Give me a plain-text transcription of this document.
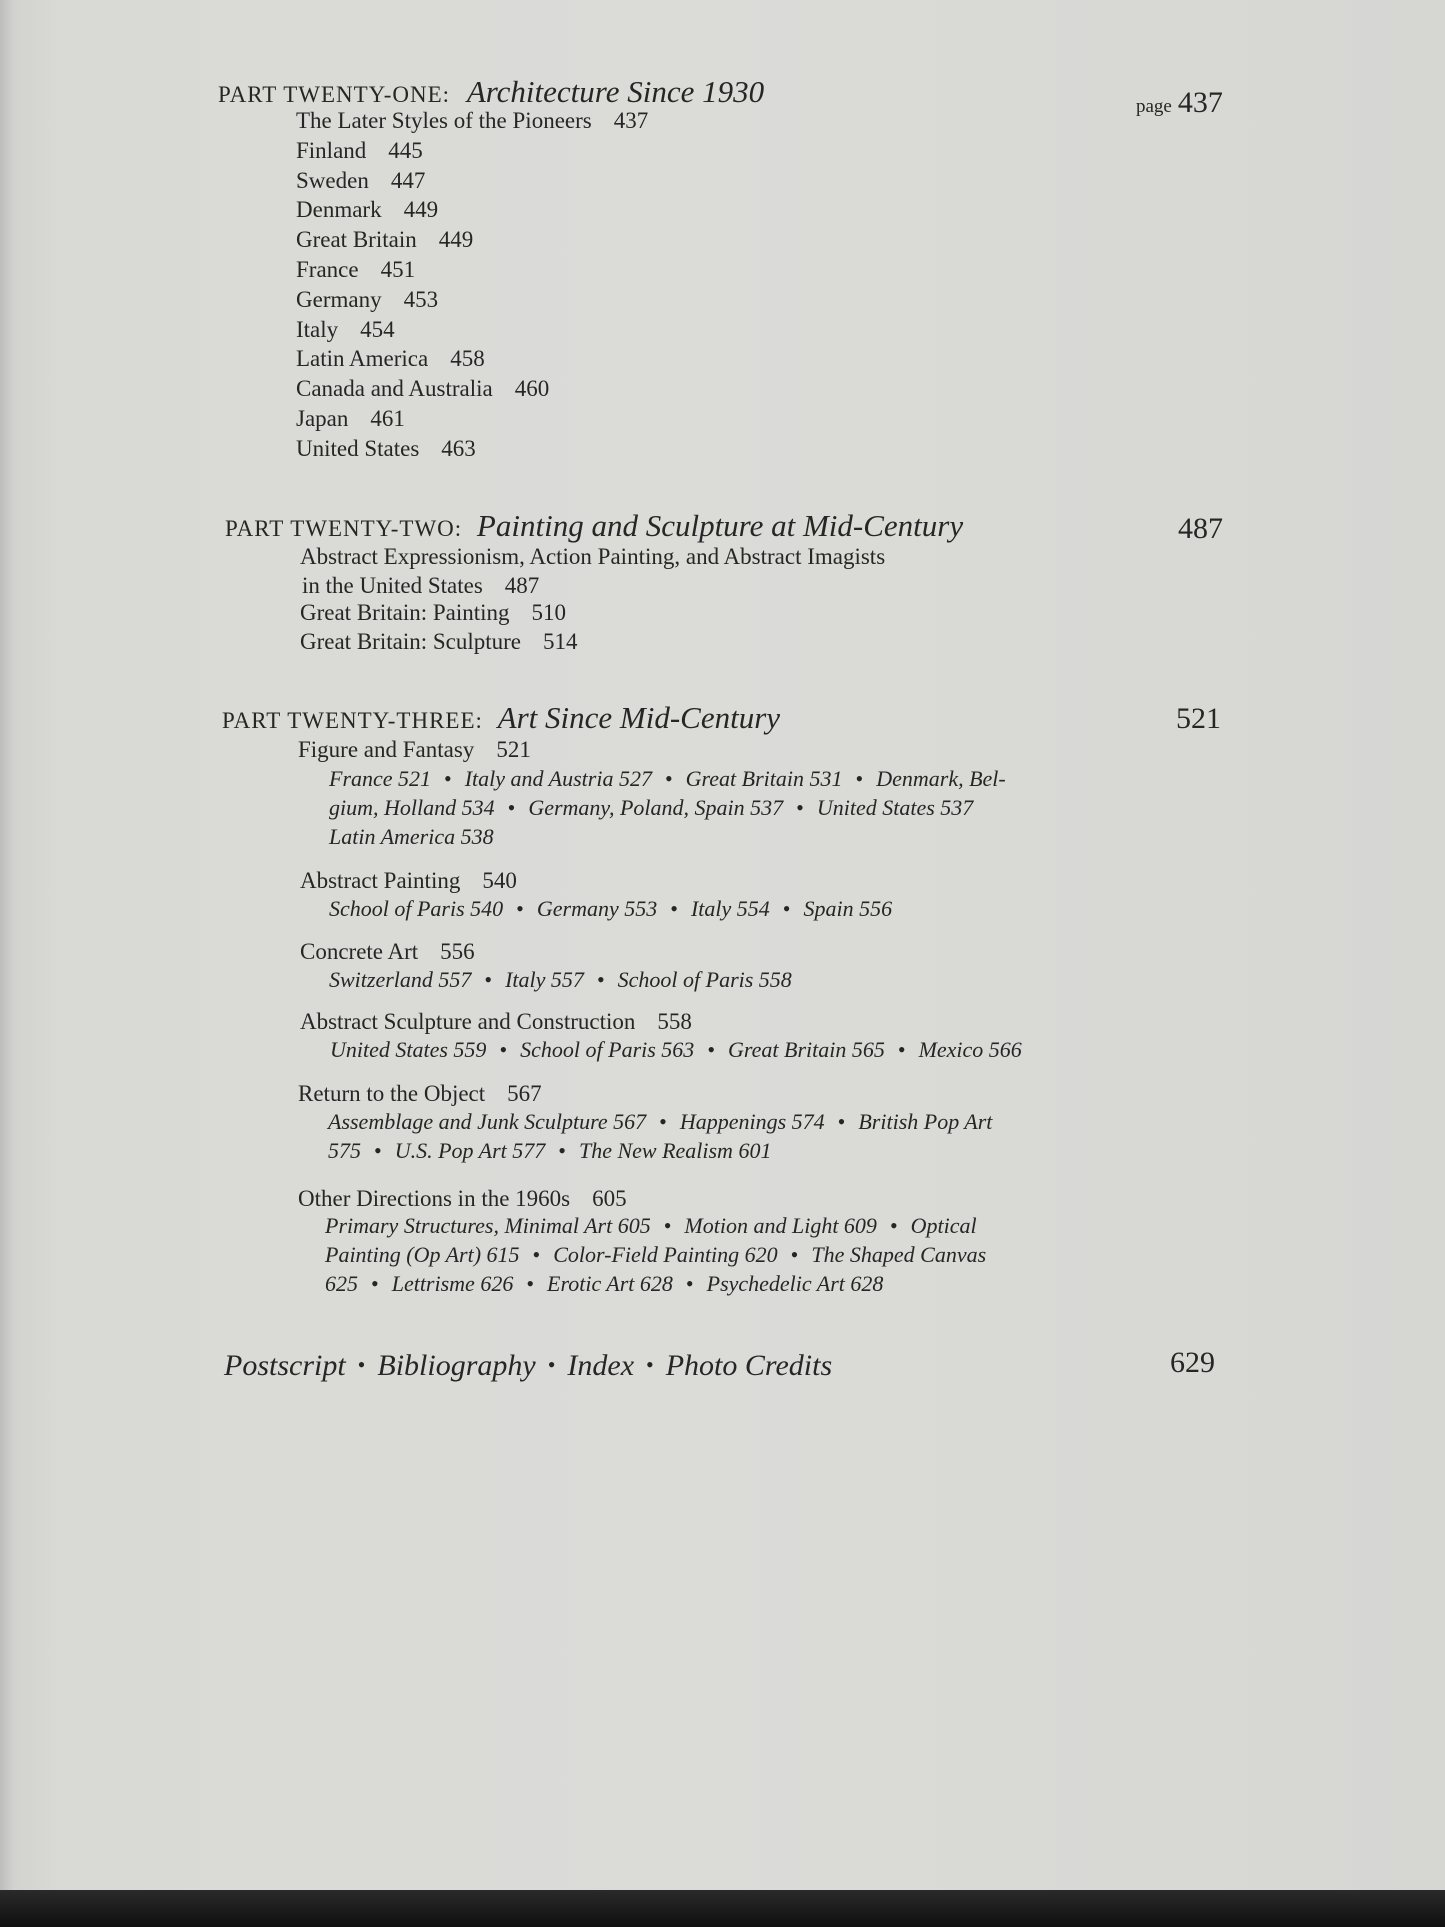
PART TWENTY-ONE: Architecture Since 1930	page 437
The Later Styles of the Pioneers 437
Finland 445
Sweden 447
Denmark 449
Great Britain 449
France 451
Germany 453
Italy 454
Latin America 458
Canada and Australia 460
Japan 461
United States 463
PART TWENTY-TWO: Painting and Sculpture at Mid-Century	487
Abstract Expressionism, Action Painting, and Abstract Imagists
in the United States 487
Great Britain: Painting 510
Great Britain: Sculpture 514
PART TWENTY-THREE: Art Since Mid-Century	521
Figure and Fantasy 521
France 521 • Italy and Austria 527 • Great Britain 531 • Denmark, Bel-
gium, Holland 534 • Germany, Poland, Spain 537 • United States 537
Latin America 538
Abstract Painting 540
School of Paris 540 • Germany 553 • Italy 554 • Spain 556
Concrete Art 556
Switzerland 557 • Italy 557 • School of Paris 558
Abstract Sculpture and Construction 558
United States 559 • School of Paris 563 • Great Britain 565 • Mexico 566
Return to the Object 567
Assemblage and Junk Sculpture 567 • Happenings 574 • British Pop Art
575 • U.S. Pop Art 577 • The New Realism 601
Other Directions in the 1960s 605
Primary Structures, Minimal Art 605 • Motion and Light 609 • Optical
Painting (Op Art) 615 • Color-Field Painting 620 • The Shaped Canvas
625 • Lettrisme 626 • Erotic Art 628 • Psychedelic Art 628
Postscript • Bibliography • Index • Photo Credits	629
